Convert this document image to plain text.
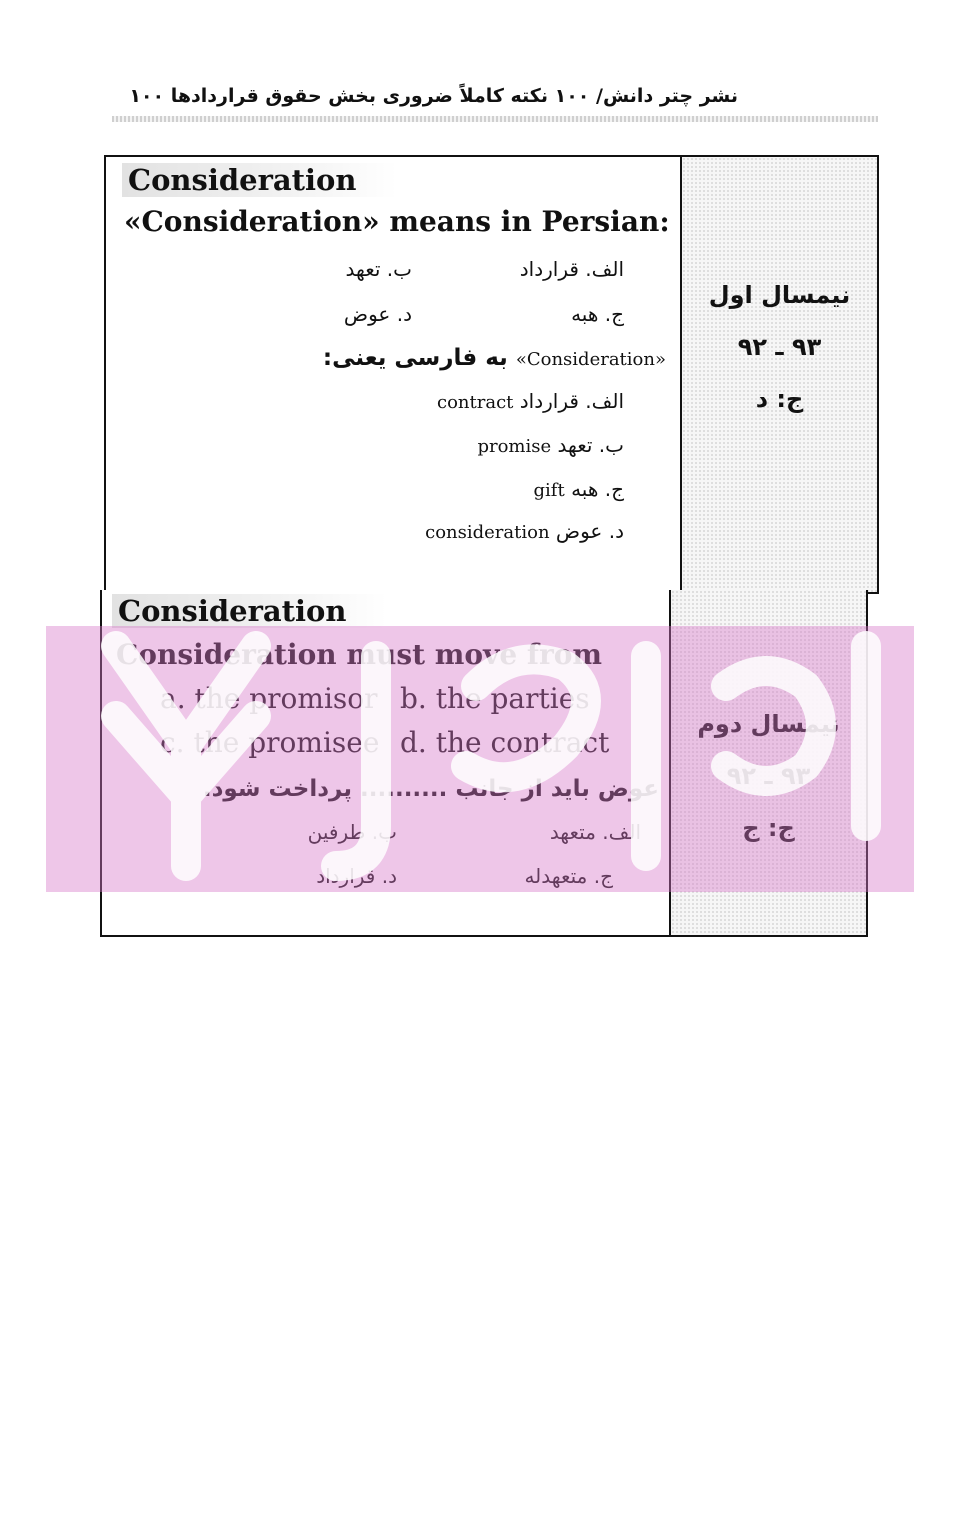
نشر چتر دانش/ ۱۰۰ نکته کاملاً ضروری بخش حقوق قراردادها ۱۰۰
Consideration
«Consideration» means in Persian:
الف. قرارداد
ب. تعهد
ج. هبه
د. عوض
«Consideration» به فارسی یعنی:
الف. قرارداد contract
ب. تعهد promise
ج. هبه gift
د. عوض consideration
نیمسال اول
۹۳ ـ ۹۲
ج: د
Consideration
Consideration must move from
a. the promisor b. the parties
c. the promisee d. the contract
عوض باید از جانب .......... پرداخت شود.
الف. متعهد
ب. طرفین
ج. متعهدله
د. قرارداد
نیمسال دوم
۹۳ ـ ۹۲
ج: ج
